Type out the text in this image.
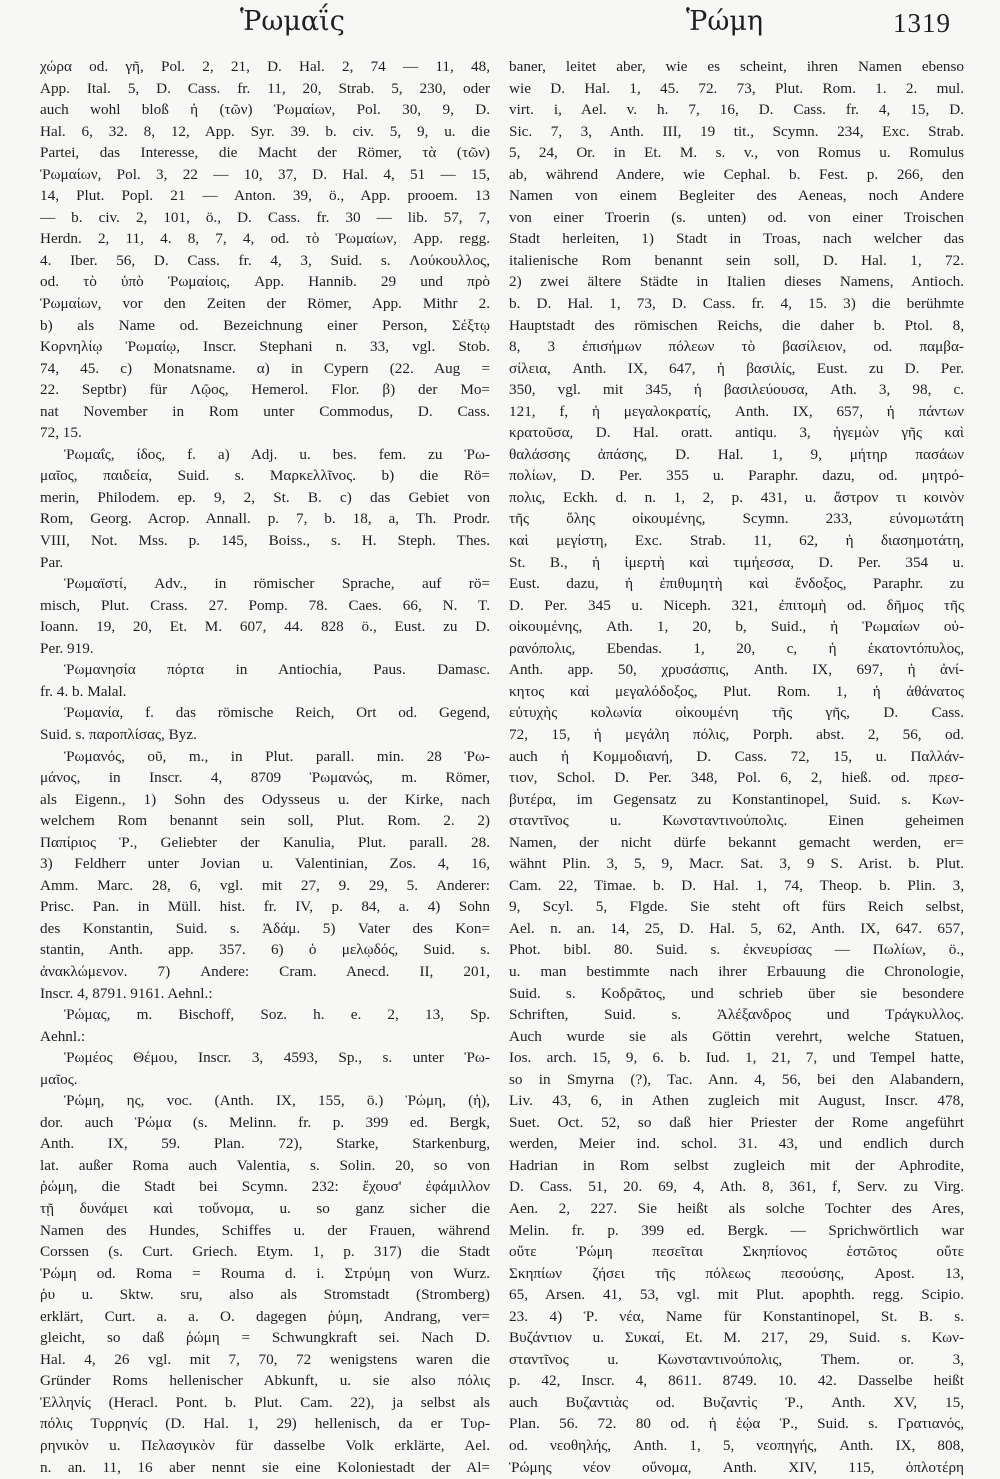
Ῥωμαΐς	Ῥώμη	1319
χώρα od. γῆ, Pol. 2, 21, D. Hal. 2, 74 — 11, 48,
App. Ital. 5, D. Cass. fr. 11, 20, Strab. 5, 230, oder
auch wohl bloß ἡ (τῶν) Ῥωμαίων, Pol. 30, 9, D.
Hal. 6, 32. 8, 12, App. Syr. 39. b. civ. 5, 9, u. die
Partei, das Interesse, die Macht der Römer, τὰ (τῶν)
Ῥωμαίων, Pol. 3, 22 — 10, 37, D. Hal. 4, 51 — 15,
14, Plut. Popl. 21 — Anton. 39, ö., App. prooem. 13
— b. civ. 2, 101, ö., D. Cass. fr. 30 — lib. 57, 7,
Herdn. 2, 11, 4. 8, 7, 4, od. τὸ Ῥωμαίων, App. regg.
4. Iber. 56, D. Cass. fr. 4, 3, Suid. s. Λούκουλλος,
od. τὸ ὑπὸ Ῥωμαίοις, App. Hannib. 29 und πρὸ
Ῥωμαίων, vor den Zeiten der Römer, App. Mithr 2.
b) als Name od. Bezeichnung einer Person, Σέξτῳ
Κορνηλίῳ Ῥωμαίῳ, Inscr. Stephani n. 33, vgl. Stob.
74, 45. c) Monatsname. α) in Cypern (22. Aug =
22. Septbr) für Λῷος, Hemerol. Flor. β) der Mo=
nat November in Rom unter Commodus, D. Cass.
72, 15.
Ῥωμαΐς, ίδος, f. a) Adj. u. bes. fem. zu Ῥω-
μαῖος, παιδεία, Suid. s. Μαρκελλῖνος. b) die Rö=
merin, Philodem. ep. 9, 2, St. B. c) das Gebiet von
Rom, Georg. Acrop. Annall. p. 7, b. 18, a, Th. Prodr.
VIII, Not. Mss. p. 145, Boiss., s. H. Steph. Thes.
Par.
Ῥωμαϊστί, Adv., in römischer Sprache, auf rö=
misch, Plut. Crass. 27. Pomp. 78. Caes. 66, N. T.
Ioann. 19, 20, Et. M. 607, 44. 828 ö., Eust. zu D.
Per. 919.
Ῥωμανησία πόρτα in Antiochia, Paus. Damasc.
fr. 4. b. Malal.
Ῥωμανία, f. das römische Reich, Ort od. Gegend,
Suid. s. παροπλίσας, Byz.
Ῥωμανός, οῦ, m., in Plut. parall. min. 28 Ῥω-
μάνος, in Inscr. 4, 8709 Ῥωμανώς, m. Römer,
als Eigenn., 1) Sohn des Odysseus u. der Kirke, nach
welchem Rom benannt sein soll, Plut. Rom. 2. 2)
Παπίριος Ῥ., Geliebter der Kanulia, Plut. parall. 28.
3) Feldherr unter Jovian u. Valentinian, Zos. 4, 16,
Amm. Marc. 28, 6, vgl. mit 27, 9. 29, 5. Anderer:
Prisc. Pan. in Müll. hist. fr. IV, p. 84, a. 4) Sohn
des Konstantin, Suid. s. Ἀδάμ. 5) Vater des Kon=
stantin, Anth. app. 357. 6) ὁ μελῳδός, Suid. s.
ἀνακλώμενον. 7) Andere: Cram. Anecd. II, 201,
Inscr. 4, 8791. 9161. Aehnl.:
Ῥώμας, m. Bischoff, Soz. h. e. 2, 13, Sp.
Aehnl.:
Ῥωμέος Θέμου, Inscr. 3, 4593, Sp., s. unter Ῥω-
μαῖος.
Ῥώμη, ης, voc. (Anth. IX, 155, ö.) Ῥώμη, (ἡ),
dor. auch Ῥώμα (s. Melinn. fr. p. 399 ed. Bergk,
Anth. IX, 59. Plan. 72), Starke, Starkenburg,
lat. außer Roma auch Valentia, s. Solin. 20, so von
ῥώμη, die Stadt bei Scymn. 232: ἔχουσ' ἐφάμιλλον
τῇ δυνάμει καὶ τοὔνομα, u. so ganz sicher die
Namen des Hundes, Schiffes u. der Frauen, während
Corssen (s. Curt. Griech. Etym. 1, p. 317) die Stadt
Ῥώμη od. Roma = Rouma d. i. Στρύμη von Wurz.
ῥυ u. Sktw. sru, also als Stromstadt (Stromberg)
erklärt, Curt. a. a. O. dagegen ῥύμη, Andrang, ver=
gleicht, so daß ῥώμη = Schwungkraft sei. Nach D.
Hal. 4, 26 vgl. mit 7, 70, 72 wenigstens waren die
Gründer Roms hellenischer Abkunft, u. sie also πόλις
Ἑλληνίς (Heracl. Pont. b. Plut. Cam. 22), ja selbst als
πόλις Τυρρηνίς (D. Hal. 1, 29) hellenisch, da er Τυρ-
ρηνικὸν u. Πελασγικὸν für dasselbe Volk erklärte, Ael.
n. an. 11, 16 aber nennt sie eine Koloniestadt der Al=
baner, leitet aber, wie es scheint, ihren Namen ebenso
wie D. Hal. 1, 45. 72. 73, Plut. Rom. 1. 2. mul.
virt. i, Ael. v. h. 7, 16, D. Cass. fr. 4, 15, D.
Sic. 7, 3, Anth. III, 19 tit., Scymn. 234, Exc. Strab.
5, 24, Or. in Et. M. s. v., von Romus u. Romulus
ab, während Andere, wie Cephal. b. Fest. p. 266, den
Namen von einem Begleiter des Aeneas, noch Andere
von einer Troerin (s. unten) od. von einer Troischen
Stadt herleiten, 1) Stadt in Troas, nach welcher das
italienische Rom benannt sein soll, D. Hal. 1, 72.
2) zwei ältere Städte in Italien dieses Namens, Antioch.
b. D. Hal. 1, 73, D. Cass. fr. 4, 15. 3) die berühmte
Hauptstadt des römischen Reichs, die daher b. Ptol. 8,
8, 3 ἐπισήμων πόλεων τὸ βασίλειον, od. παμβα-
σίλεια, Anth. IX, 647, ἡ βασιλίς, Eust. zu D. Per.
350, vgl. mit 345, ἡ βασιλεύουσα, Ath. 3, 98, c.
121, f, ἡ μεγαλοκρατίς, Anth. IX, 657, ἡ πάντων
κρατοῦσα, D. Hal. oratt. antiqu. 3, ἡγεμὼν γῆς καὶ
θαλάσσης ἁπάσης, D. Hal. 1, 9, μήτηρ πασάων
πολίων, D. Per. 355 u. Paraphr. dazu, od. μητρό-
πολις, Eckh. d. n. 1, 2, p. 431, u. ἄστρον τι κοινὸν
τῆς ὅλης οἰκουμένης, Scymn. 233, εὐνομωτάτη
καὶ μεγίστη, Exc. Strab. 11, 62, ἡ διασημοτάτη,
St. B., ἡ ἱμερτὴ καὶ τιμήεσσα, D. Per. 354 u.
Eust. dazu, ἡ ἐπιθυμητὴ καὶ ἔνδοξος, Paraphr. zu
D. Per. 345 u. Niceph. 321, ἐπιτομὴ od. δῆμος τῆς
οἰκουμένης, Ath. 1, 20, b, Suid., ἡ Ῥωμαίων οὐ-
ρανόπολις, Ebendas. 1, 20, c, ἡ ἑκατοντόπυλος,
Anth. app. 50, χρυσάσπις, Anth. IX, 697, ἡ ἀνί-
κητος καὶ μεγαλόδοξος, Plut. Rom. 1, ἡ ἀθάνατος
εὐτυχὴς κολωνία οἰκουμένη τῆς γῆς, D. Cass.
72, 15, ἡ μεγάλη πόλις, Porph. abst. 2, 56, od.
auch ἡ Κομμοδιανή, D. Cass. 72, 15, u. Παλλάν-
τιον, Schol. D. Per. 348, Pol. 6, 2, hieß. od. πρεσ-
βυτέρα, im Gegensatz zu Konstantinopel, Suid. s. Κων-
σταντῖνος u. Κωνσταντινούπολις. Einen geheimen
Namen, der nicht dürfe bekannt gemacht werden, er=
wähnt Plin. 3, 5, 9, Macr. Sat. 3, 9 S. Arist. b. Plut.
Cam. 22, Timae. b. D. Hal. 1, 74, Theop. b. Plin. 3,
9, Scyl. 5, Flgde. Sie steht oft fürs Reich selbst,
Ael. n. an. 14, 25, D. Hal. 5, 62, Anth. IX, 647. 657,
Phot. bibl. 80. Suid. s. ἐκνευρίσας — Πωλίων, ö.,
u. man bestimmte nach ihrer Erbauung die Chronologie,
Suid. s. Κοδρᾶτος, und schrieb über sie besondere
Schriften, Suid. s. Ἀλέξανδρος und Τράγκυλλος.
Auch wurde sie als Göttin verehrt, welche Statuen,
Ios. arch. 15, 9, 6. b. Iud. 1, 21, 7, und Tempel hatte,
so in Smyrna (?), Tac. Ann. 4, 56, bei den Alabandern,
Liv. 43, 6, in Athen zugleich mit August, Inscr. 478,
Suet. Oct. 52, so daß hier Priester der Rome angeführt
werden, Meier ind. schol. 31. 43, und endlich durch
Hadrian in Rom selbst zugleich mit der Aphrodite,
D. Cass. 51, 20. 69, 4, Ath. 8, 361, f, Serv. zu Virg.
Aen. 2, 227. Sie heißt als solche Tochter des Ares,
Melin. fr. p. 399 ed. Bergk. — Sprichwörtlich war
οὔτε Ῥώμη πεσεῖται Σκηπίονος ἑστῶτος οὔτε
Σκηπίων ζήσει τῆς πόλεως πεσούσης, Apost. 13,
65, Arsen. 41, 53, vgl. mit Plut. apophth. regg. Scipio.
23. 4) Ῥ. νέα, Name für Konstantinopel, St. B. s.
Βυζάντιον u. Συκαί, Et. M. 217, 29, Suid. s. Κων-
σταντῖνος u. Κωνσταντινούπολις, Them. or. 3,
p. 42, Inscr. 4, 8611. 8749. 10. 42. Dasselbe heißt
auch Βυζαντιὰς od. Βυζαντὶς Ῥ., Anth. XV, 15,
Plan. 56. 72. 80 od. ἡ ἑῴα Ῥ., Suid. s. Γρατιανός,
od. νεοθηλής, Anth. 1, 5, νεοπηγής, Anth. IX, 808,
Ῥώμης νέον οὔνομα, Anth. XIV, 115, ὁπλοτέρη
